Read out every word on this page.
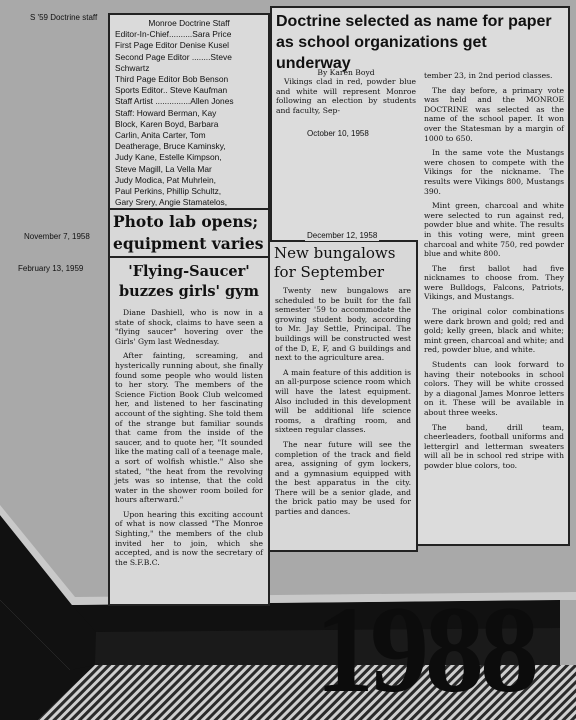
S '59 Doctrine staff
Monroe Doctrine Staff
Editor-In-Chief..........Sara Price
First Page Editor Denise Kusel
Second Page Editor ........Steve
Schwartz
Third Page Editor Bob Benson
Sports Editor.. Steve Kaufman
Staff Artist ...............Allen Jones
Staff: Howard Berman, Kay
Block, Karen Boyd, Barbara
Carlin, Anita Carter, Tom
Deatherage, Bruce Kaminsky,
Judy Kane, Estelle Kimpson,
Steve Magill, La Vella Mar
Judy Modica, Pat Muhrlein,
Paul Perkins, Phillip Schultz,
Gary Srery, Angie Stamatelos,
Doctrine selected as name for paper as school organizations get underway
By Karen Boyd
Vikings clad in red, powder blue and white will represent Monroe following an election by students and faculty, Sep-

tember 23, in 2nd period classes.

The day before, a primary vote was held and the MONROE DOCTRINE was selected as the name of the school paper. It won over the Statesman by a margin of 1000 to 650.

In the same vote the Mustangs were chosen to compete with the Vikings for the nickname. The results were Vikings 800, Mustangs 390.

Mint green, charcoal and white were selected to run against red, powder blue and white. The results in this voting were, mint green charcoal and white 750, red powder blue and white 800.

The first ballot had five nicknames to choose from. They were Bulldogs, Falcons, Patriots, Vikings, and Mustangs.

The original color combinations were dark brown and gold; red and gold; kelly green, black and white; mint green, charcoal and white; and red, powder blue, and white.

Students can look forward to having their notebooks in school colors. They will be white crossed by a diagonal James Monroe letters on it. These will be available in about three weeks.

The band, drill team, cheerleaders, football uniforms and lettergirl and letterman sweaters will all be in school red stripe with powder blue colors, too.

Photo lab opens; equipment varies
November 7, 1958
February 13, 1959
October 10, 1958
'Flying-Saucer' buzzes girls' gym

Diane Dashiell, who is now in a state of shock, claims to have seen a "flying saucer" hovering over the Girls' Gym last Wednesday.

After fainting, screaming, and hysterically running about, she finally found some people who would listen to her story. The members of the Science Fiction Book Club welcomed her, and listened to her fascinating account of the sighting. She told them of the strange but familiar sounds that came from the inside of the saucer, and to quote her, "It sounded like the mating call of a teenage male, a sort of wolfish whistle." Also she stated, "the heat from the revolving jets was so intense, that the cold water in the shower room boiled for hours afterward."

Upon hearing this exciting account of what is now classed "The Monroe Sighting," the members of the club invited her to join, which she accepted, and is now the secretary of the S.F.B.C.

New bungalows for September

Twenty new bungalows are scheduled to be built for the fall semester '59 to accommodate the growing student body, according to Mr. Jay Settle, Principal. The buildings will be constructed west of the D, E, F, and G buildings and next to the agriculture area.

A main feature of this addition is an all-purpose science room which will have the latest equipment. Also included in this development will be additional life science rooms, a drafting room, and sixteen regular classes.

The near future will see the completion of the track and field area, assigning of gym lockers, and a gymnasium equipped with the best apparatus in the city. There will be a senior glade, and the brick patio may be used for parties and dances.

December 12, 1958
1988
